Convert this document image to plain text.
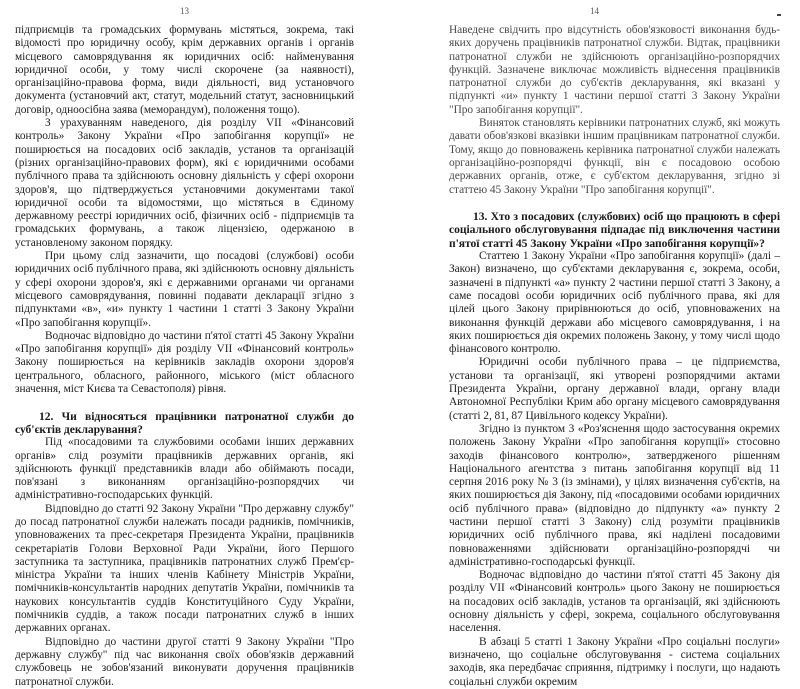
13

підприємців та громадських формувань містяться, зокрема, такі відомості про юридичну особу, крім державних органів і органів місцевого самоврядування як юридичних осіб: найменування юридичної особи, у тому числі скорочене (за наявності), організаційно-правова форма, види діяльності, вид установчого документа (установчий акт, статут, модельний статут, засновницький договір, одноосібна заява (меморандум), положення тощо).

З урахуванням наведеного, дія розділу VII «Фінансовий контроль» Закону України «Про запобігання корупції» не поширюється на посадових осіб закладів, установ та організацій (різних організаційно-правових форм), які є юридичними особами публічного права та здійснюють основну діяльність у сфері охорони здоров'я, що підтверджується установчими документами такої юридичної особи та відомостями, що містяться в Єдиному державному реєстрі юридичних осіб, фізичних осіб - підприємців та громадських формувань, а також ліцензією, одержаною в установленому законом порядку.

При цьому слід зазначити, що посадові (службові) особи юридичних осіб публічного права, які здійснюють основну діяльність у сфері охорони здоров'я, які є державними органами чи органами місцевого самоврядування, повинні подавати декларації згідно з підпунктами «в», «и» пункту 1 частини 1 статті 3 Закону України «Про запобігання корупції».

Водночас відповідно до частини п'ятої статті 45 Закону України «Про запобігання корупції» дія розділу VII «Фінансовий контроль» Закону поширюється на керівників закладів охорони здоров'я центрального, обласного, районного, міського (міст обласного значення, міст Києва та Севастополя) рівня.

12. Чи відносяться працівники патронатної служби до суб'єктів декларування?

Під «посадовими та службовими особами інших державних органів» слід розуміти працівників державних органів, які здійснюють функції представників влади або обіймають посади, пов'язані з виконанням організаційно-розпорядчих чи адміністративно-господарських функцій.

Відповідно до статті 92 Закону України "Про державну службу" до посад патронатної служби належать посади радників, помічників, уповноважених та прес-секретаря Президента України, працівників секретаріатів Голови Верховної Ради України, його Першого заступника та заступника, працівників патронатних служб Прем'єр-міністра України та інших членів Кабінету Міністрів України, помічників-консультантів народних депутатів України, помічників та наукових консультантів суддів Конституційного Суду України, помічників суддів, а також посади патронатних служб в інших державних органах.

Відповідно до частини другої статті 9 Закону України "Про державну службу" під час виконання своїх обов'язків державний службовець не зобов'язаний виконувати доручення працівників патронатної служби.

14

Наведене свідчить про відсутність обов'язковості виконання будь-яких доручень працівників патронатної служби. Відтак, працівники патронатної служби не здійснюють організаційно-розпорядчих функцій. Зазначене виключає можливість віднесення працівників патронатної служби до суб'єктів декларування, які вказані у підпункті «и» пункту 1 частини першої статті 3 Закону України "Про запобігання корупції".

Виняток становлять керівники патронатних служб, які можуть давати обов'язкові вказівки іншим працівникам патронатної служби. Тому, якщо до повноважень керівника патронатної служби належать організаційно-розпорядчі функції, він є посадовою особою державних органів, отже, є суб'єктом декларування, згідно зі статтею 45 Закону України "Про запобігання корупції".

13. Хто з посадових (службових) осіб що працюють в сфері соціального обслуговування підпадає під виключення частини п'ятої статті 45 Закону України «Про запобігання корупції»?

Статтею 1 Закону України «Про запобігання корупції» (далі – Закон) визначено, що суб'єктами декларування є, зокрема, особи, зазначені в підпункті «а» пункту 2 частини першої статті 3 Закону, а саме посадові особи юридичних осіб публічного права, які для цілей цього Закону прирівнюються до осіб, уповноважених на виконання функцій держави або місцевого самоврядування, і на яких поширюється дія окремих положень Закону, у тому числі щодо фінансового контролю.

Юридичні особи публічного права – це підприємства, установи та організації, які утворені розпорядчими актами Президента України, органу державної влади, органу влади Автономної Республіки Крим або органу місцевого самоврядування (статті 2, 81, 87 Цивільного кодексу України).

Згідно із пунктом 3 «Роз'яснення щодо застосування окремих положень Закону України «Про запобігання корупції» стосовно заходів фінансового контролю», затвердженого рішенням Національного агентства з питань запобігання корупції від 11 серпня 2016 року № 3 (із змінами), у цілях визначення суб'єктів, на яких поширюється дія Закону, під «посадовими особами юридичних осіб публічного права» (відповідно до підпункту «а» пункту 2 частини першої статті 3 Закону) слід розуміти працівників юридичних осіб публічного права, які наділені посадовими повноваженнями здійснювати організаційно-розпорядчі чи адміністративно-господарські функції.

Водночас відповідно до частини п'ятої статті 45 Закону дія розділу VII «Фінансовий контроль» цього Закону не поширюється на посадових осіб закладів, установ та організацій, які здійснюють основну діяльність у сфері, зокрема, соціального обслуговування населення.

В абзаці 5 статті 1 Закону України «Про соціальні послуги» визначено, що соціальне обслуговування - система соціальних заходів, яка передбачає сприяння, підтримку і послуги, що надають соціальні служби окремим
